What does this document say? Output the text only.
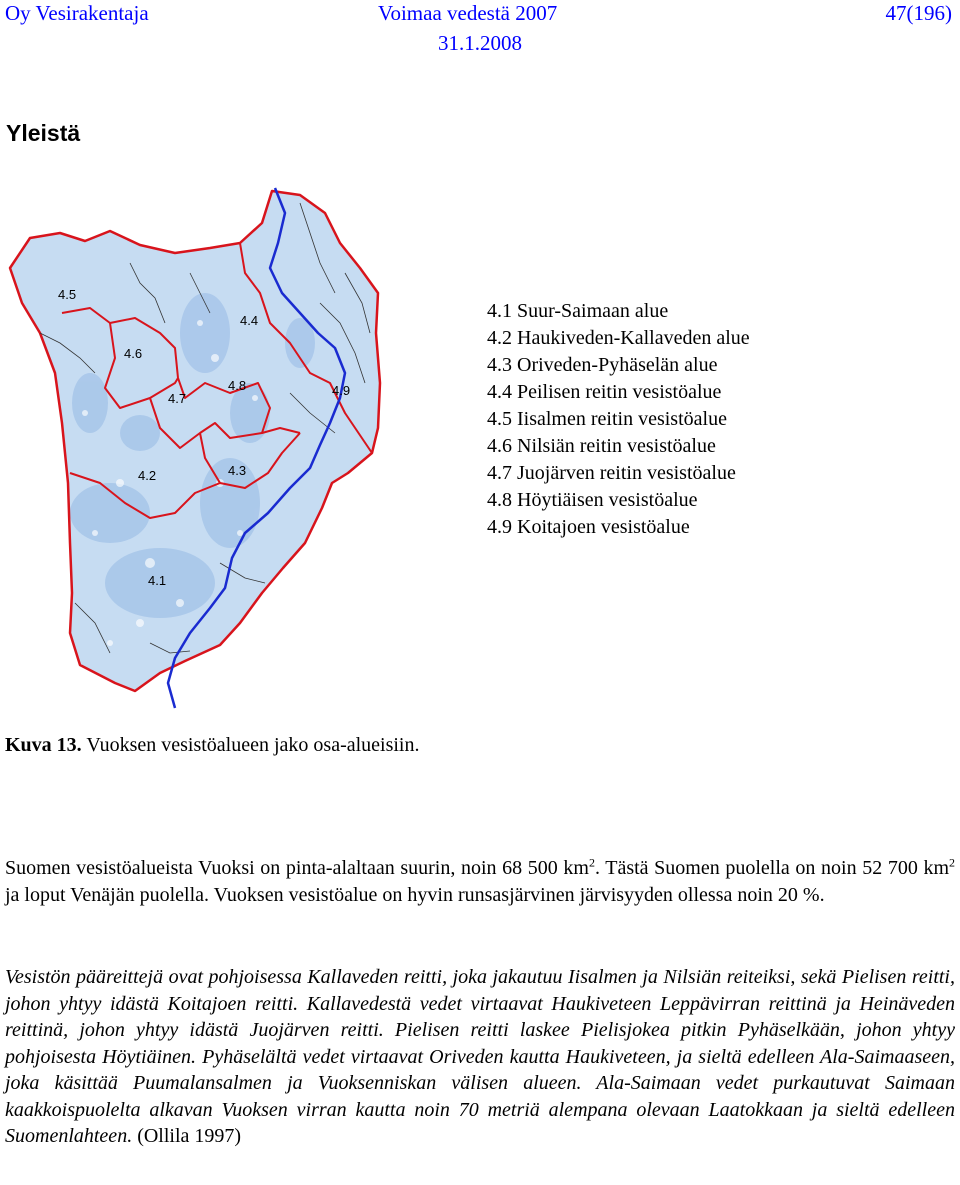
Oy Vesirakentaja	Voimaa vedestä 2007	47(196)
31.1.2008
Yleistä
4.1
4.2	4.3
4.4
4.5
4.6
4.7
4.8	4.9
4.1 Suur-Saimaan alue
4.2 Haukiveden-Kallaveden alue
4.3 Oriveden-Pyhäselän alue
4.4 Peilisen reitin vesistöalue
4.5 Iisalmen reitin vesistöalue
4.6 Nilsiän reitin vesistöalue
4.7 Juojärven reitin vesistöalue
4.8 Höytiäisen vesistöalue
4.9 Koitajoen vesistöalue
Kuva 13. Vuoksen vesistöalueen jako osa-alueisiin.

Suomen vesistöalueista Vuoksi on pinta-alaltaan suurin, noin 68 500 $km^2$. Tästä Suomen puolella on noin 52 700 $km^2$ ja loput Venäjän puolella. Vuoksen vesistöalue on hyvin runsasjärvinen järvisyyden ollessa noin 20 %.

Vesistön pääreittejä ovat pohjoisessa Kallaveden reitti, joka jakautuu Iisalmen ja Nilsiän reiteiksi, sekä Pielisen reitti, johon yhtyy idästä Koitajoen reitti. Kallavedestä vedet virtaavat Haukiveteen Leppävirran reittinä ja Heinäveden reittinä, johon yhtyy idästä Juojärven reitti. Pielisen reitti laskee Pielisjokea pitkin Pyhäselkään, johon yhtyy pohjoisesta Höytiäinen. Pyhäselältä vedet virtaavat Oriveden kautta Haukiveteen, ja sieltä edelleen Ala-Saimaaseen, joka käsittää Puumalansalmen ja Vuoksenniskan välisen alueen. Ala-Saimaan vedet purkautuvat Saimaan kaakkoispuolelta alkavan Vuoksen virran kautta noin 70 metriä alempana olevaan Laatokkaan ja sieltä edelleen Suomenlahteen. (Ollila 1997)
